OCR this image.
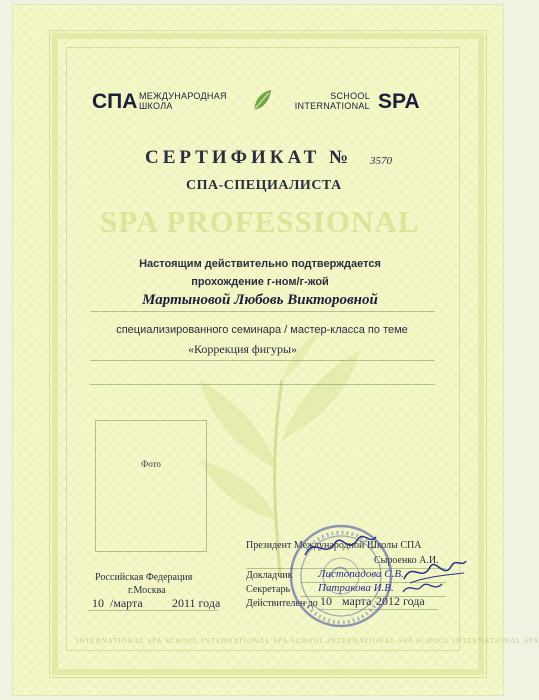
INTERNATIONAL SPA SCHOOL INTERNATIONAL SPA SCHOOL INTERNATIONAL SPA SCHOOL INTERNATIONAL SPA
СПА МЕЖДУНАРОДНАЯ
ШКОЛА
SCHOOL
INTERNATIONAL SPA
СЕРТИФИКАТ № 3570
СПА-СПЕЦИАЛИСТА
SPA PROFESSIONAL
Настоящим действительно подтверждается
прохождение г-ном/г-жой
Мартыновой Любовь Викторовной
специализированного семинара / мастер-класса по теме
«Коррекция фигуры»
Фото
Российская Федерация
г.Москва
10 /марта 2011 года
Президент Международной Школы СПА
Сыроенко А.И.
Докладчик Листопадова С.В.
Секретарь	Патракова И.В.
Действителен до 10 марта 2012 года
